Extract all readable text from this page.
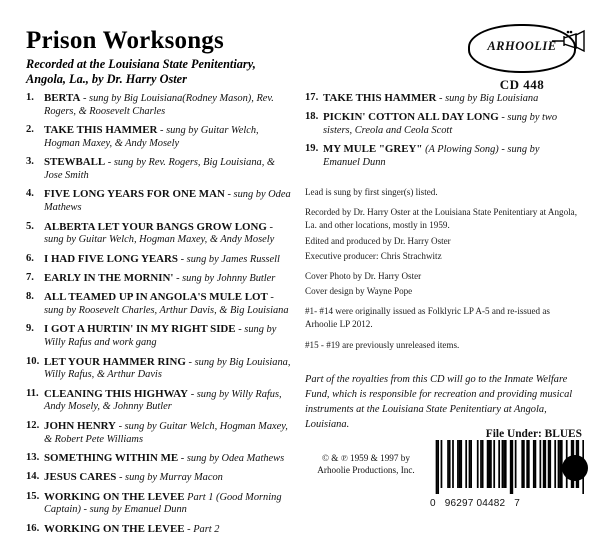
Prison Worksongs
Recorded at the Louisiana State Penitentiary,
Angola, La., by Dr. Harry Oster
ARHOOLIE
CD 448
1. BERTA - sung by Big Louisiana(Rodney Mason), Rev. Rogers, & Roosevelt Charles
2. TAKE THIS HAMMER - sung by Guitar Welch, Hogman Maxey, & Andy Mosely
3. STEWBALL - sung by Rev. Rogers, Big Louisiana, & Jose Smith
4. FIVE LONG YEARS FOR ONE MAN - sung by Odea Mathews
5. ALBERTA LET YOUR BANGS GROW LONG - sung by Guitar Welch, Hogman Maxey, & Andy Mosely
6. I HAD FIVE LONG YEARS - sung by James Russell
7. EARLY IN THE MORNIN' - sung by Johnny Butler
8. ALL TEAMED UP IN ANGOLA'S MULE LOT - sung by Roosevelt Charles, Arthur Davis, & Big Louisiana
9. I GOT A HURTIN' IN MY RIGHT SIDE - sung by Willy Rafus and work gang
10. LET YOUR HAMMER RING - sung by Big Louisiana, Willy Rafus, & Arthur Davis
11. CLEANING THIS HIGHWAY - sung by Willy Rafus, Andy Mosely, & Johnny Butler
12. JOHN HENRY - sung by Guitar Welch, Hogman Maxey, & Robert Pete Williams
13. SOMETHING WITHIN ME - sung by Odea Mathews
14. JESUS CARES - sung by Murray Macon
15. WORKING ON THE LEVEE Part 1 (Good Morning Captain) - sung by Emanuel Dunn
16. WORKING ON THE LEVEE - Part 2
17. TAKE THIS HAMMER - sung by Big Louisiana
18. PICKIN' COTTON ALL DAY LONG - sung by two sisters, Creola and Ceola Scott
19. MY MULE "GREY" (A Plowing Song) - sung by Emanuel Dunn

Lead is sung by first singer(s) listed.

Recorded by Dr. Harry Oster at the Louisiana State Penitentiary at Angola, La. and other locations, mostly in 1959.

Edited and produced by Dr. Harry Oster

Executive producer: Chris Strachwitz

Cover Photo by Dr. Harry Oster

Cover design by Wayne Pope

#1- #14 were originally issued as Folklyric LP A-5 and re-issued as Arhoolie LP 2012.

#15 - #19 are previously unreleased items.

Part of the royalties from this CD will go to the Inmate Welfare Fund, which is responsible for recreation and providing musical instruments at the Louisiana State Penitentiary at Angola, Louisiana.
File Under: BLUES
© & ℗ 1959 & 1997 by
Arhoolie Productions, Inc.
0 96297 04482 7
